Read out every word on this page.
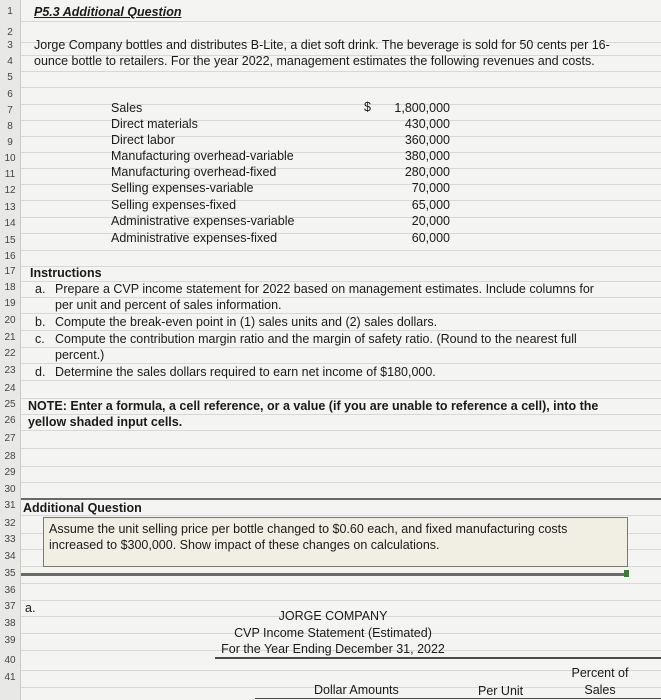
1
2
3
4
5
6
7
8
9
10
11
12
13
14
15
16
17
18
19
20
21
22
23
24
25
26
27
28
29
30
31
32
33
34
35
36
37
38
39
40
41
P5.3 Additional Question
Jorge Company bottles and distributes B-Lite, a diet soft drink. The beverage is sold for 50 cents per 16-
ounce bottle to retailers. For the year 2022, management estimates the following revenues and costs.
$
Sales	1,800,000
Direct materials	430,000
Direct labor	360,000
Manufacturing overhead-variable	380,000
Manufacturing overhead-fixed	280,000
Selling expenses-variable	70,000
Selling expenses-fixed	65,000
Administrative expenses-variable	20,000
Administrative expenses-fixed	60,000
Instructions
a. Prepare a CVP income statement for 2022 based on management estimates. Include columns for
per unit and percent of sales information.
b. Compute the break-even point in (1) sales units and (2) sales dollars.
c. Compute the contribution margin ratio and the margin of safety ratio. (Round to the nearest full
percent.)
d. Determine the sales dollars required to earn net income of $180,000.
NOTE: Enter a formula, a cell reference, or a value (if you are unable to reference a cell), into the
yellow shaded input cells.
Additional Question
Assume the unit selling price per bottle changed to $0.60 each, and fixed manufacturing costs
increased to $300,000. Show impact of these changes on calculations.
a.
JORGE COMPANY
CVP Income Statement (Estimated)
For the Year Ending December 31, 2022
Percent of
Dollar Amounts	Per Unit	Sales
